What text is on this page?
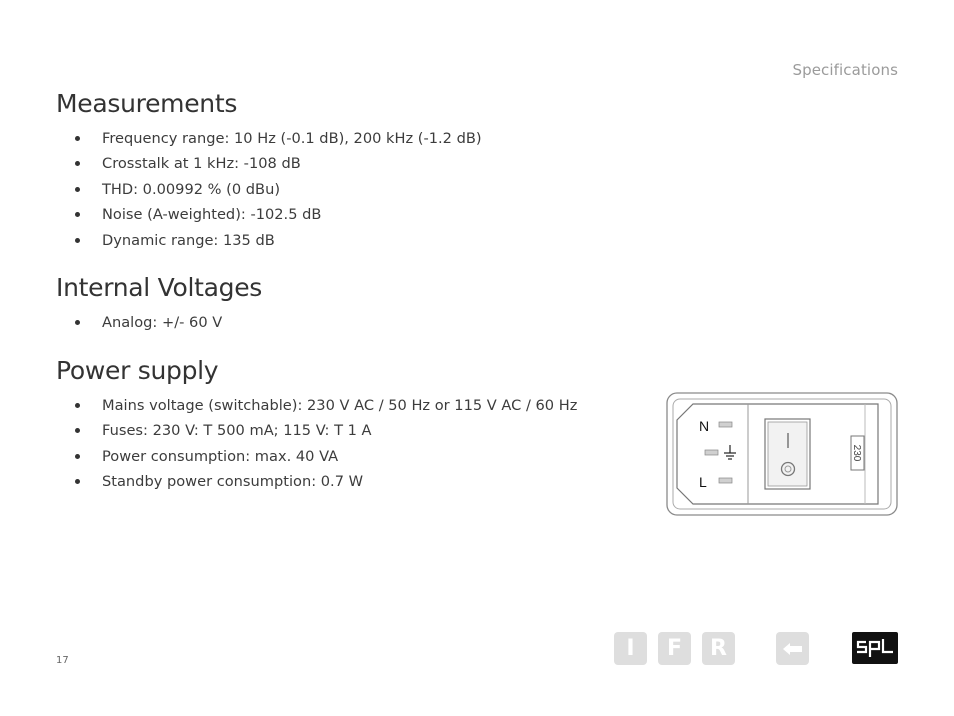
Specifications
Measurements
Frequency range: 10 Hz (-0.1 dB), 200 kHz (-1.2 dB)
Crosstalk at 1 kHz: -108 dB
THD: 0.00992 % (0 dBu)
Noise (A-weighted): -102.5 dB
Dynamic range: 135 dB
Internal Voltages
Analog: +/- 60 V
Power supply
Mains voltage (switchable): 230 V AC / 50 Hz or 115 V AC / 60 Hz
Fuses: 230 V: T 500 mA; 115 V: T 1 A
Power consumption: max. 40 VA
Standby power consumption: 0.7 W
N
L
230
17	I F R
